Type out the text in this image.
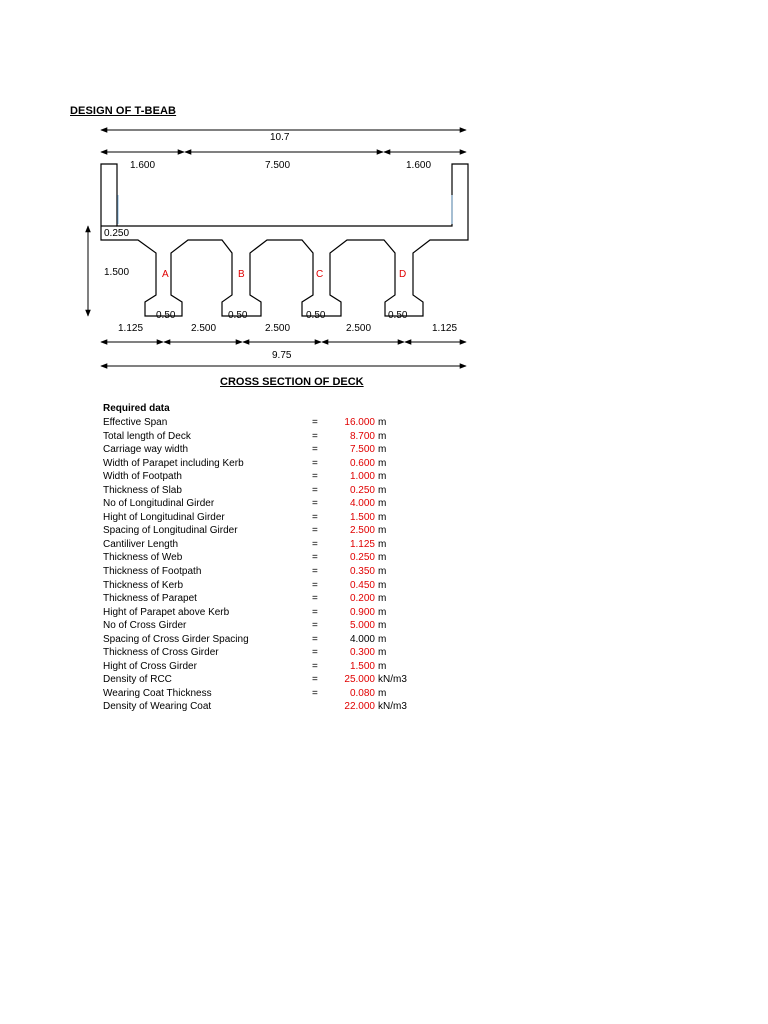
DESIGN OF T-BEAB
10.7
1.600	7.500	1.600
0.250
1.500	A	B	C	D
0.50	0.50	0.50	0.50
1.125	2.500	2.500	2.500	1.125
9.75
CROSS SECTION OF DECK
Required data
Effective Span	=	16.000 m
Total length of Deck	=	8.700 m
Carriage way width	=	7.500 m
Width of Parapet including Kerb	=	0.600 m
Width of Footpath	=	1.000 m
Thickness of Slab	=	0.250 m
No of Longitudinal Girder	=	4.000 m
Hight of Longitudinal Girder	=	1.500 m
Spacing of Longitudinal Girder	=	2.500 m
Cantiliver Length	=	1.125 m
Thickness of Web	=	0.250 m
Thickness of Footpath	=	0.350 m
Thickness of Kerb	=	0.450 m
Thickness of Parapet	=	0.200 m
Hight of Parapet above Kerb	=	0.900 m
No of Cross Girder	=	5.000 m
Spacing of Cross Girder Spacing	=	4.000 m
Thickness of Cross Girder	=	0.300 m
Hight of Cross Girder	=	1.500 m
Density of RCC	=	25.000 kN/m3
Wearing Coat Thickness	=	0.080 m
Density of Wearing Coat	22.000 kN/m3
